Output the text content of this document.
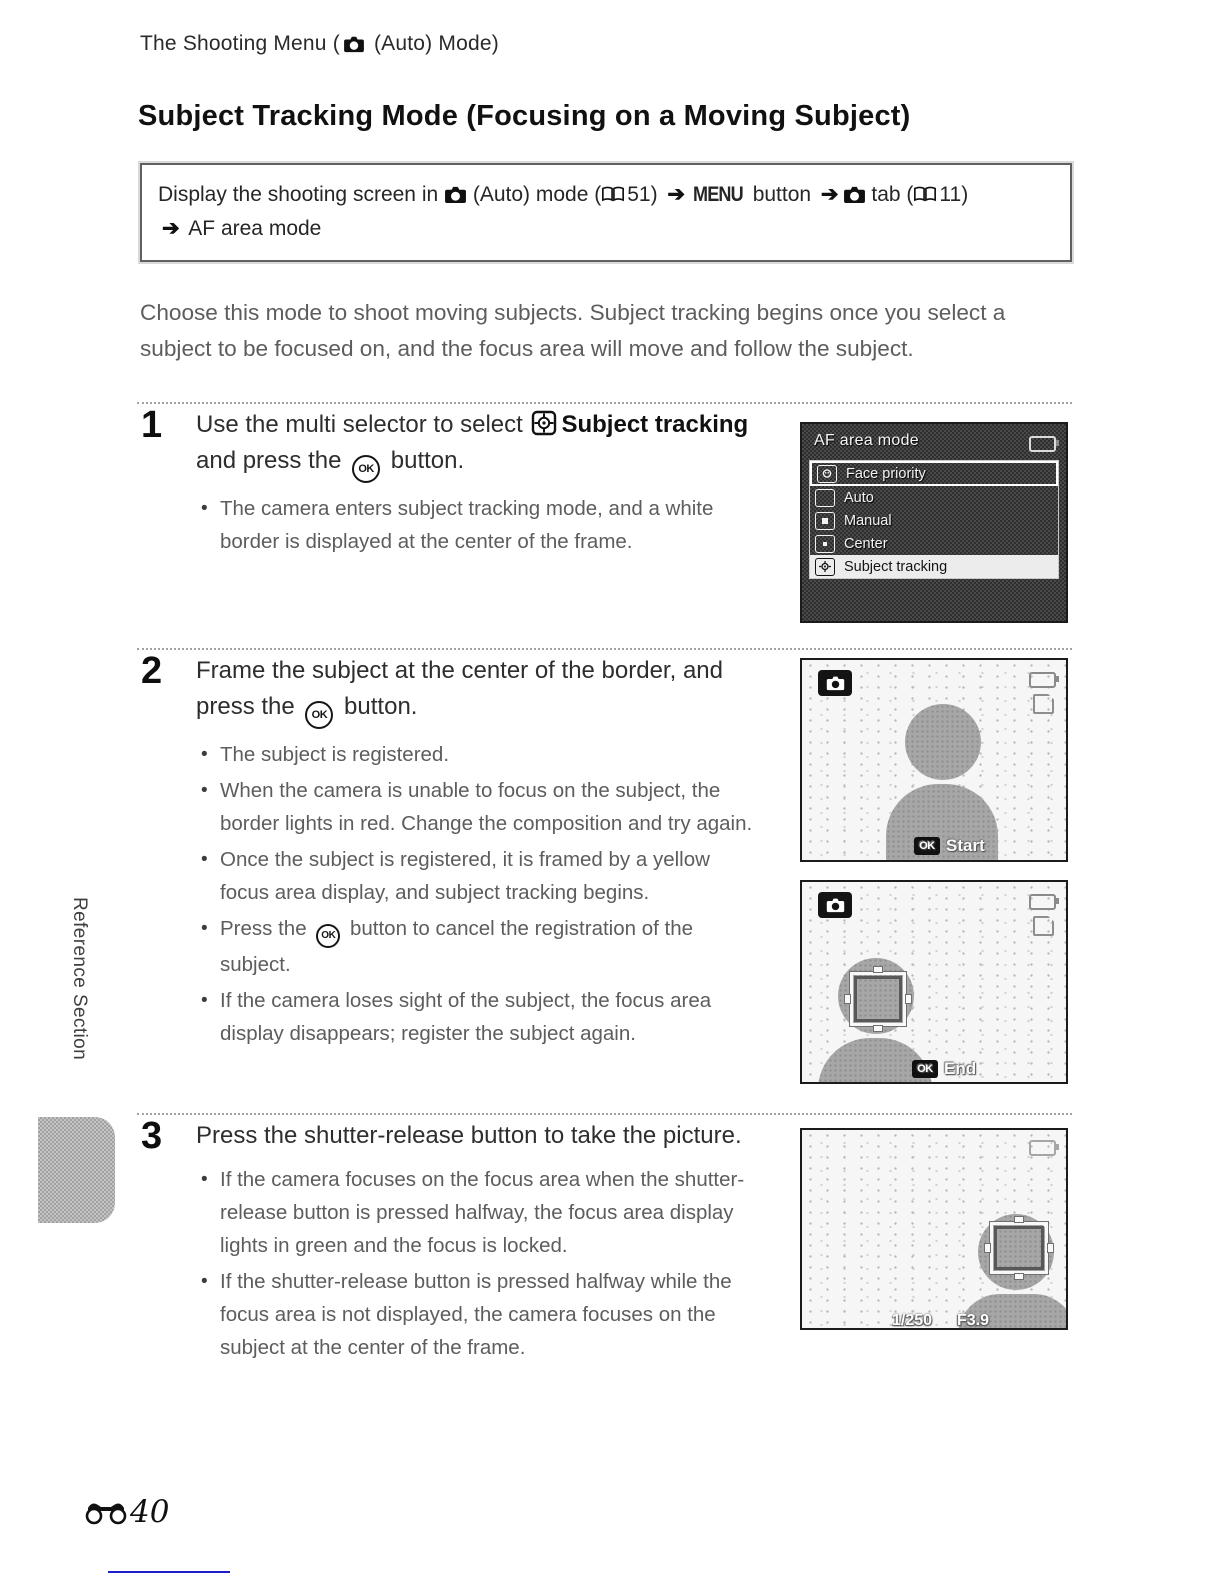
The Shooting Menu ( (Auto) Mode)
Subject Tracking Mode (Focusing on a Moving Subject)
Display the shooting screen in  (Auto) mode ( 51) ➔ MENU button ➔ tab ( 11)
➔ AF area mode

Choose this mode to shoot moving subjects. Subject tracking begins once you select a subject to be focused on, and the focus area will move and follow the subject.

1	Use the multi selector to select Subject tracking and press the OK button.
• The camera enters subject tracking mode, and a white border is displayed at the center of the frame.
AF area mode
Face priority
Auto
Manual
Center
Subject tracking
2	Frame the subject at the center of the border, and press the OK button.
• The subject is registered.
• When the camera is unable to focus on the subject, the border lights in red. Change the composition and try again.
• Once the subject is registered, it is framed by a yellow focus area display, and subject tracking begins.
• Press the OK button to cancel the registration of the subject.
• If the camera loses sight of the subject, the focus area display disappears; register the subject again.
OK Start
OK End
3	Press the shutter-release button to take the picture.
• If the camera focuses on the focus area when the shutter-release button is pressed halfway, the focus area display lights in green and the focus is locked.
• If the shutter-release button is pressed halfway while the focus area is not displayed, the camera focuses on the subject at the center of the frame.
1/250 F3.9
Reference Section
40
